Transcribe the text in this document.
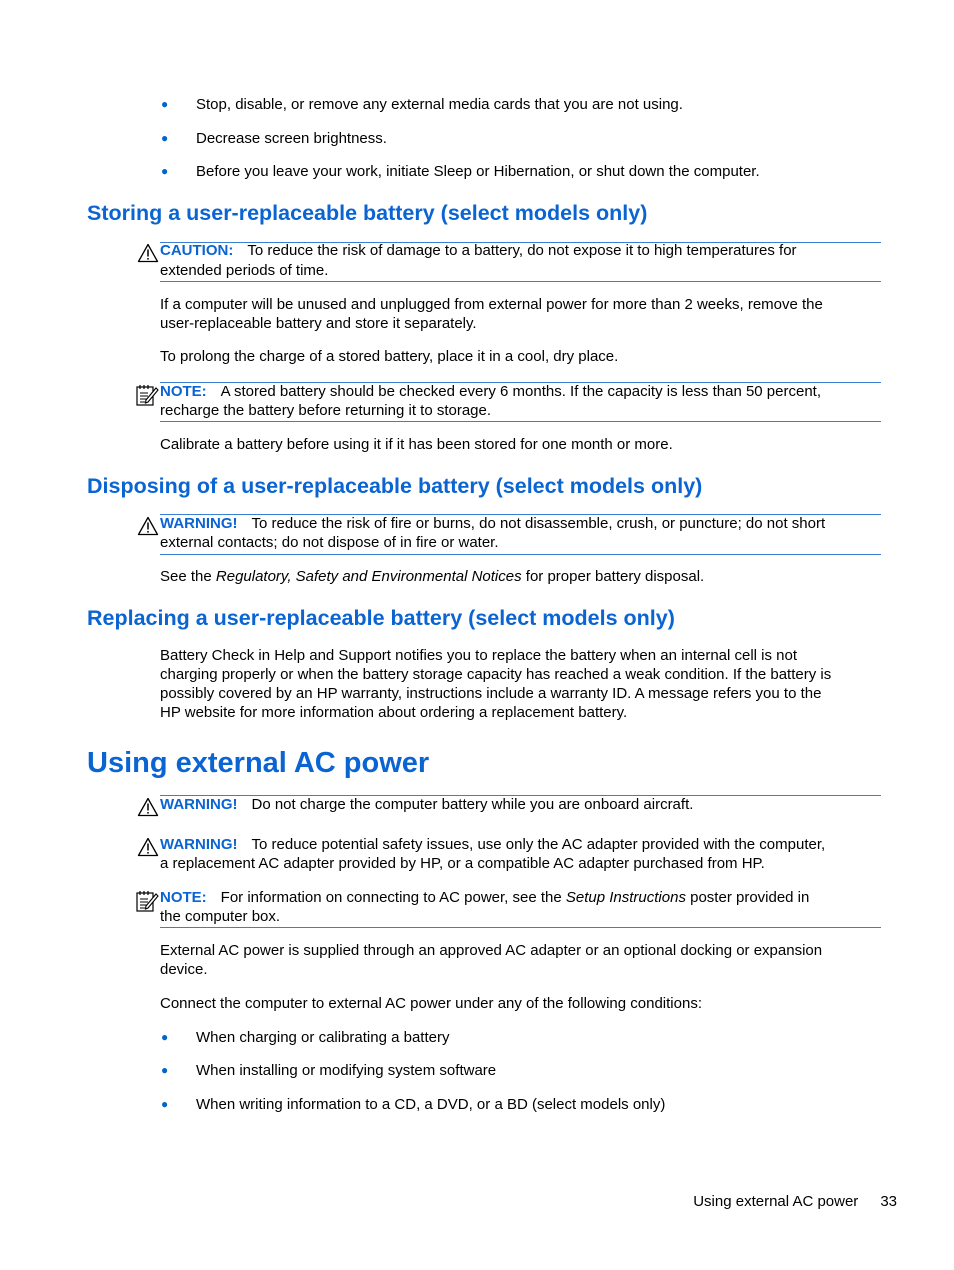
● Stop, disable, or remove any external media cards that you are not using.
● Decrease screen brightness.
● Before you leave your work, initiate Sleep or Hibernation, or shut down the computer.
Storing a user-replaceable battery (select models only)
CAUTION: To reduce the risk of damage to a battery, do not expose it to high temperatures for
extended periods of time.
If a computer will be unused and unplugged from external power for more than 2 weeks, remove the
user-replaceable battery and store it separately.
To prolong the charge of a stored battery, place it in a cool, dry place.
NOTE: A stored battery should be checked every 6 months. If the capacity is less than 50 percent,
recharge the battery before returning it to storage.
Calibrate a battery before using it if it has been stored for one month or more.
Disposing of a user-replaceable battery (select models only)
WARNING! To reduce the risk of fire or burns, do not disassemble, crush, or puncture; do not short
external contacts; do not dispose of in fire or water.
See the Regulatory, Safety and Environmental Notices for proper battery disposal.
Replacing a user-replaceable battery (select models only)
Battery Check in Help and Support notifies you to replace the battery when an internal cell is not
charging properly or when the battery storage capacity has reached a weak condition. If the battery is
possibly covered by an HP warranty, instructions include a warranty ID. A message refers you to the
HP website for more information about ordering a replacement battery.
Using external AC power
WARNING! Do not charge the computer battery while you are onboard aircraft.
WARNING! To reduce potential safety issues, use only the AC adapter provided with the computer,
a replacement AC adapter provided by HP, or a compatible AC adapter purchased from HP.
NOTE: For information on connecting to AC power, see the Setup Instructions poster provided in
the computer box.
External AC power is supplied through an approved AC adapter or an optional docking or expansion
device.
Connect the computer to external AC power under any of the following conditions:
● When charging or calibrating a battery
● When installing or modifying system software
● When writing information to a CD, a DVD, or a BD (select models only)
Using external AC power 33
